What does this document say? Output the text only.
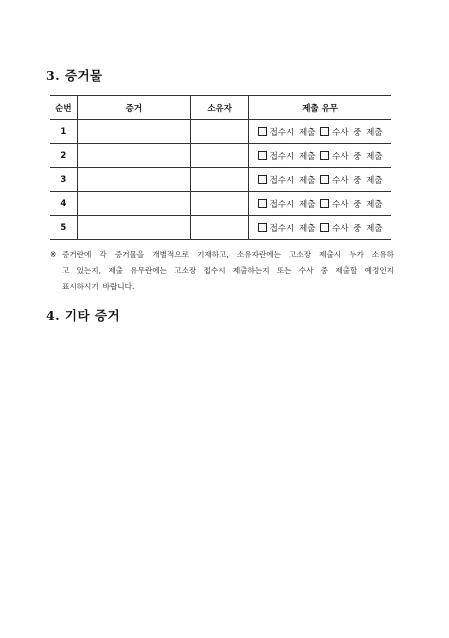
3. 증거물
순번	증거	소유자	제출 유무
1			접수시 제출 수사 중 제출
2			접수시 제출 수사 중 제출
3			접수시 제출 수사 중 제출
4			접수시 제출 수사 중 제출
5			접수시 제출 수사 중 제출
※ 증거란에 각 증거물을 개별적으로 기재하고, 소유자란에는 고소장 제출시 누가 소유하
고 있는지, 제출 유무란에는 고소장 접수시 제출하는지 또는 수사 중 제출할 예정인지
표시하시기 바랍니다.
4. 기타 증거
